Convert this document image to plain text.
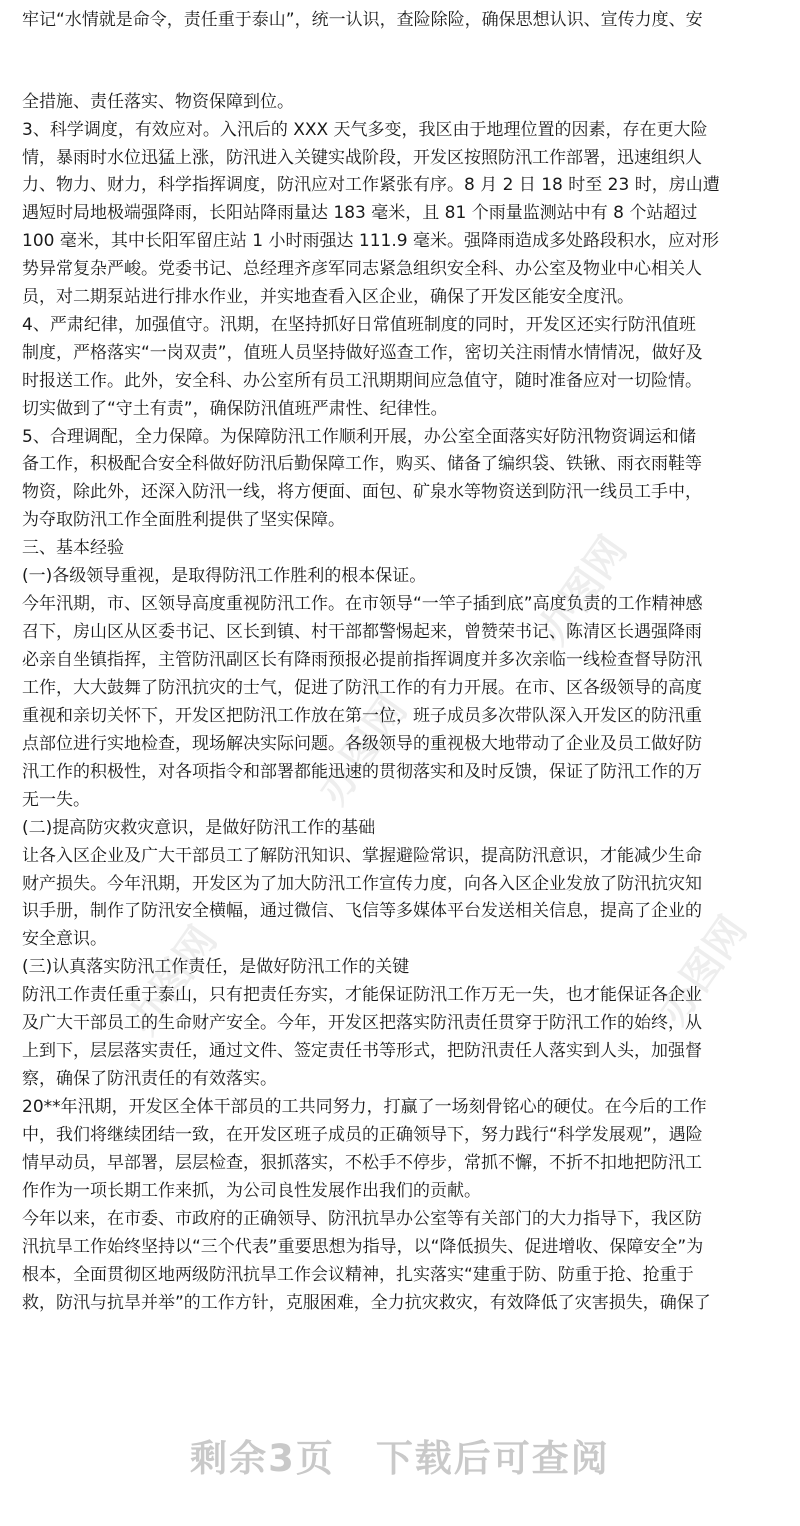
办图网
办图网
办图网	办图网

牢记“水情就是命令，责任重于泰山”，统一认识，查险除险，确保思想认识、宣传力度、安

全措施、责任落实、物资保障到位。

3、科学调度，有效应对。入汛后的 XXX 天气多变，我区由于地理位置的因素，存在更大险

情，暴雨时水位迅猛上涨，防汛进入关键实战阶段，开发区按照防汛工作部署，迅速组织人

力、物力、财力，科学指挥调度，防汛应对工作紧张有序。8 月 2 日 18 时至 23 时，房山遭

遇短时局地极端强降雨，长阳站降雨量达 183 毫米，且 81 个雨量监测站中有 8 个站超过

100 毫米，其中长阳军留庄站 1 小时雨强达 111.9 毫米。强降雨造成多处路段积水，应对形

势异常复杂严峻。党委书记、总经理齐彦军同志紧急组织安全科、办公室及物业中心相关人

员，对二期泵站进行排水作业，并实地查看入区企业，确保了开发区能安全度汛。

4、严肃纪律，加强值守。汛期，在坚持抓好日常值班制度的同时，开发区还实行防汛值班

制度，严格落实“一岗双责”，值班人员坚持做好巡查工作，密切关注雨情水情情况，做好及

时报送工作。此外，安全科、办公室所有员工汛期期间应急值守，随时准备应对一切险情。

切实做到了“守土有责”，确保防汛值班严肃性、纪律性。

5、合理调配，全力保障。为保障防汛工作顺利开展，办公室全面落实好防汛物资调运和储

备工作，积极配合安全科做好防汛后勤保障工作，购买、储备了编织袋、铁锹、雨衣雨鞋等

物资，除此外，还深入防汛一线，将方便面、面包、矿泉水等物资送到防汛一线员工手中，

为夺取防汛工作全面胜利提供了坚实保障。

三、基本经验

(一)各级领导重视，是取得防汛工作胜利的根本保证。

今年汛期，市、区领导高度重视防汛工作。在市领导“一竿子插到底”高度负责的工作精神感

召下，房山区从区委书记、区长到镇、村干部都警惕起来，曾赞荣书记、陈清区长遇强降雨

必亲自坐镇指挥，主管防汛副区长有降雨预报必提前指挥调度并多次亲临一线检查督导防汛

工作，大大鼓舞了防汛抗灾的士气，促进了防汛工作的有力开展。在市、区各级领导的高度

重视和亲切关怀下，开发区把防汛工作放在第一位，班子成员多次带队深入开发区的防汛重

点部位进行实地检查，现场解决实际问题。各级领导的重视极大地带动了企业及员工做好防

汛工作的积极性，对各项指令和部署都能迅速的贯彻落实和及时反馈，保证了防汛工作的万

无一失。

(二)提高防灾救灾意识，是做好防汛工作的基础

让各入区企业及广大干部员工了解防汛知识、掌握避险常识，提高防汛意识，才能减少生命

财产损失。今年汛期，开发区为了加大防汛工作宣传力度，向各入区企业发放了防汛抗灾知

识手册，制作了防汛安全横幅，通过微信、飞信等多媒体平台发送相关信息，提高了企业的

安全意识。

(三)认真落实防汛工作责任，是做好防汛工作的关键

防汛工作责任重于泰山，只有把责任夯实，才能保证防汛工作万无一失，也才能保证各企业

及广大干部员工的生命财产安全。今年，开发区把落实防汛责任贯穿于防汛工作的始终，从

上到下，层层落实责任，通过文件、签定责任书等形式，把防汛责任人落实到人头，加强督

察，确保了防汛责任的有效落实。

20**年汛期，开发区全体干部员的工共同努力，打赢了一场刻骨铭心的硬仗。在今后的工作

中，我们将继续团结一致，在开发区班子成员的正确领导下，努力践行“科学发展观”，遇险

情早动员，早部署，层层检查，狠抓落实，不松手不停步，常抓不懈，不折不扣地把防汛工

作作为一项长期工作来抓，为公司良性发展作出我们的贡献。

今年以来，在市委、市政府的正确领导、防汛抗旱办公室等有关部门的大力指导下，我区防

汛抗旱工作始终坚持以“三个代表”重要思想为指导，以“降低损失、促进增收、保障安全”为

根本，全面贯彻区地两级防汛抗旱工作会议精神，扎实落实“建重于防、防重于抢、抢重于

救，防汛与抗旱并举”的工作方针，克服困难，全力抗灾救灾，有效降低了灾害损失，确保了

剩余3页 下载后可查阅
